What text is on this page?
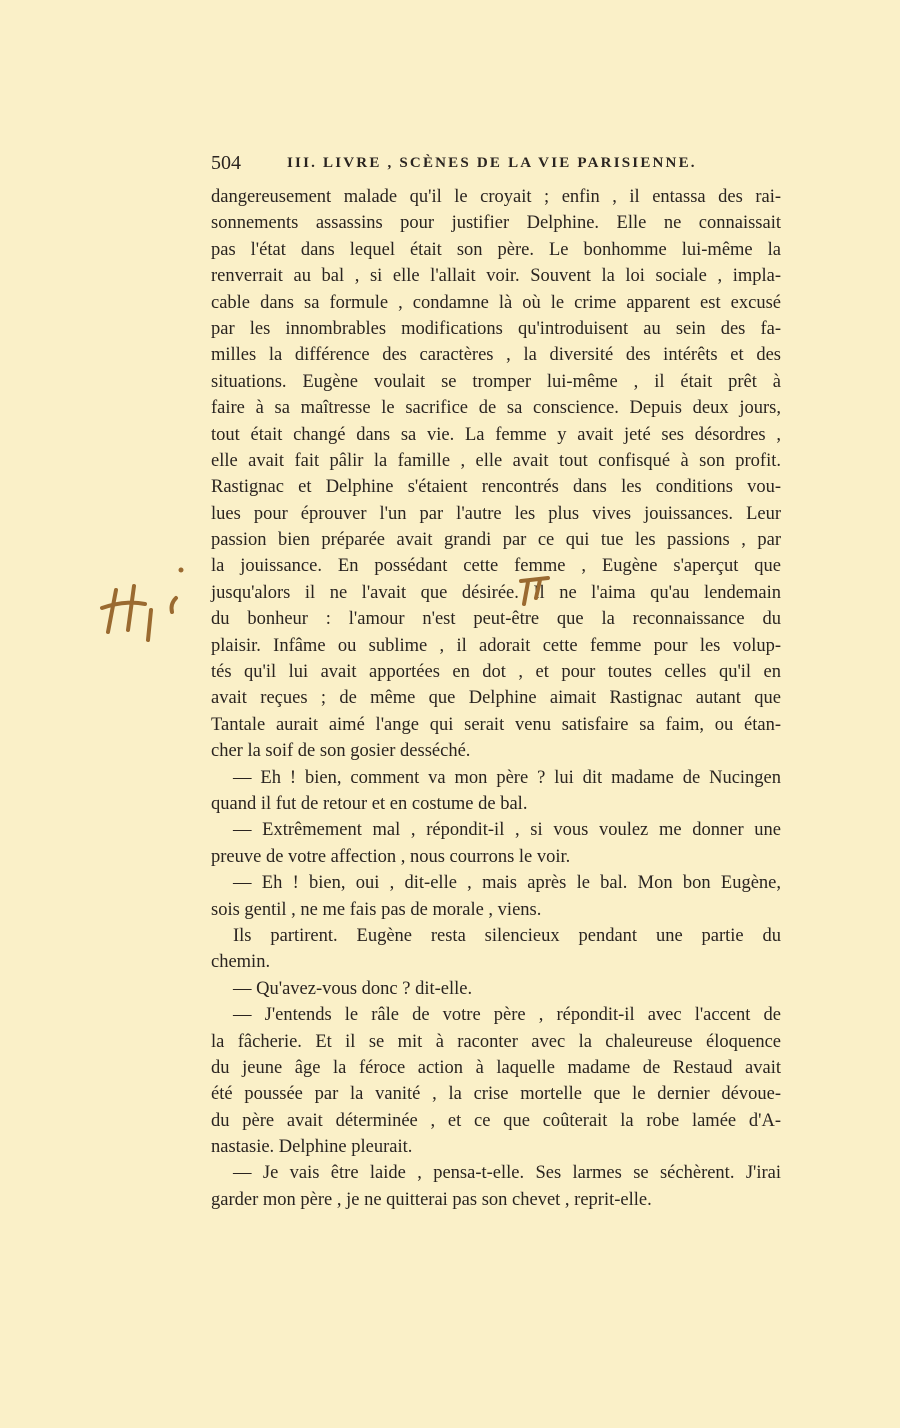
504	III. LIVRE , SCÈNES DE LA VIE PARISIENNE.
dangereusement malade qu'il le croyait ; enfin , il entassa des rai-
sonnements assassins pour justifier Delphine. Elle ne connaissait
pas l'état dans lequel était son père. Le bonhomme lui-même la
renverrait au bal , si elle l'allait voir. Souvent la loi sociale , impla-
cable dans sa formule , condamne là où le crime apparent est excusé
par les innombrables modifications qu'introduisent au sein des fa-
milles la différence des caractères , la diversité des intérêts et des
situations. Eugène voulait se tromper lui-même , il était prêt à
faire à sa maîtresse le sacrifice de sa conscience. Depuis deux jours,
tout était changé dans sa vie. La femme y avait jeté ses désordres ,
elle avait fait pâlir la famille , elle avait tout confisqué à son profit.
Rastignac et Delphine s'étaient rencontrés dans les conditions vou-
lues pour éprouver l'un par l'autre les plus vives jouissances. Leur
passion bien préparée avait grandi par ce qui tue les passions , par
la jouissance. En possédant cette femme , Eugène s'aperçut que
jusqu'alors il ne l'avait que désirée. Il ne l'aima qu'au lendemain
du bonheur : l'amour n'est peut-être que la reconnaissance du
plaisir. Infâme ou sublime , il adorait cette femme pour les volup-
tés qu'il lui avait apportées en dot , et pour toutes celles qu'il en
avait reçues ; de même que Delphine aimait Rastignac autant que
Tantale aurait aimé l'ange qui serait venu satisfaire sa faim, ou étan-
cher la soif de son gosier desséché.
— Eh ! bien, comment va mon père ? lui dit madame de Nucingen
quand il fut de retour et en costume de bal.
— Extrêmement mal , répondit-il , si vous voulez me donner une
preuve de votre affection , nous courrons le voir.
— Eh ! bien, oui , dit-elle , mais après le bal. Mon bon Eugène,
sois gentil , ne me fais pas de morale , viens.
Ils partirent. Eugène resta silencieux pendant une partie du
chemin.
— Qu'avez-vous donc ? dit-elle.
— J'entends le râle de votre père , répondit-il avec l'accent de
la fâcherie. Et il se mit à raconter avec la chaleureuse éloquence
du jeune âge la féroce action à laquelle madame de Restaud avait
été poussée par la vanité , la crise mortelle que le dernier dévoue-
du père avait déterminée , et ce que coûterait la robe lamée d'A-
nastasie. Delphine pleurait.
— Je vais être laide , pensa-t-elle. Ses larmes se séchèrent. J'irai
garder mon père , je ne quitterai pas son chevet , reprit-elle.
